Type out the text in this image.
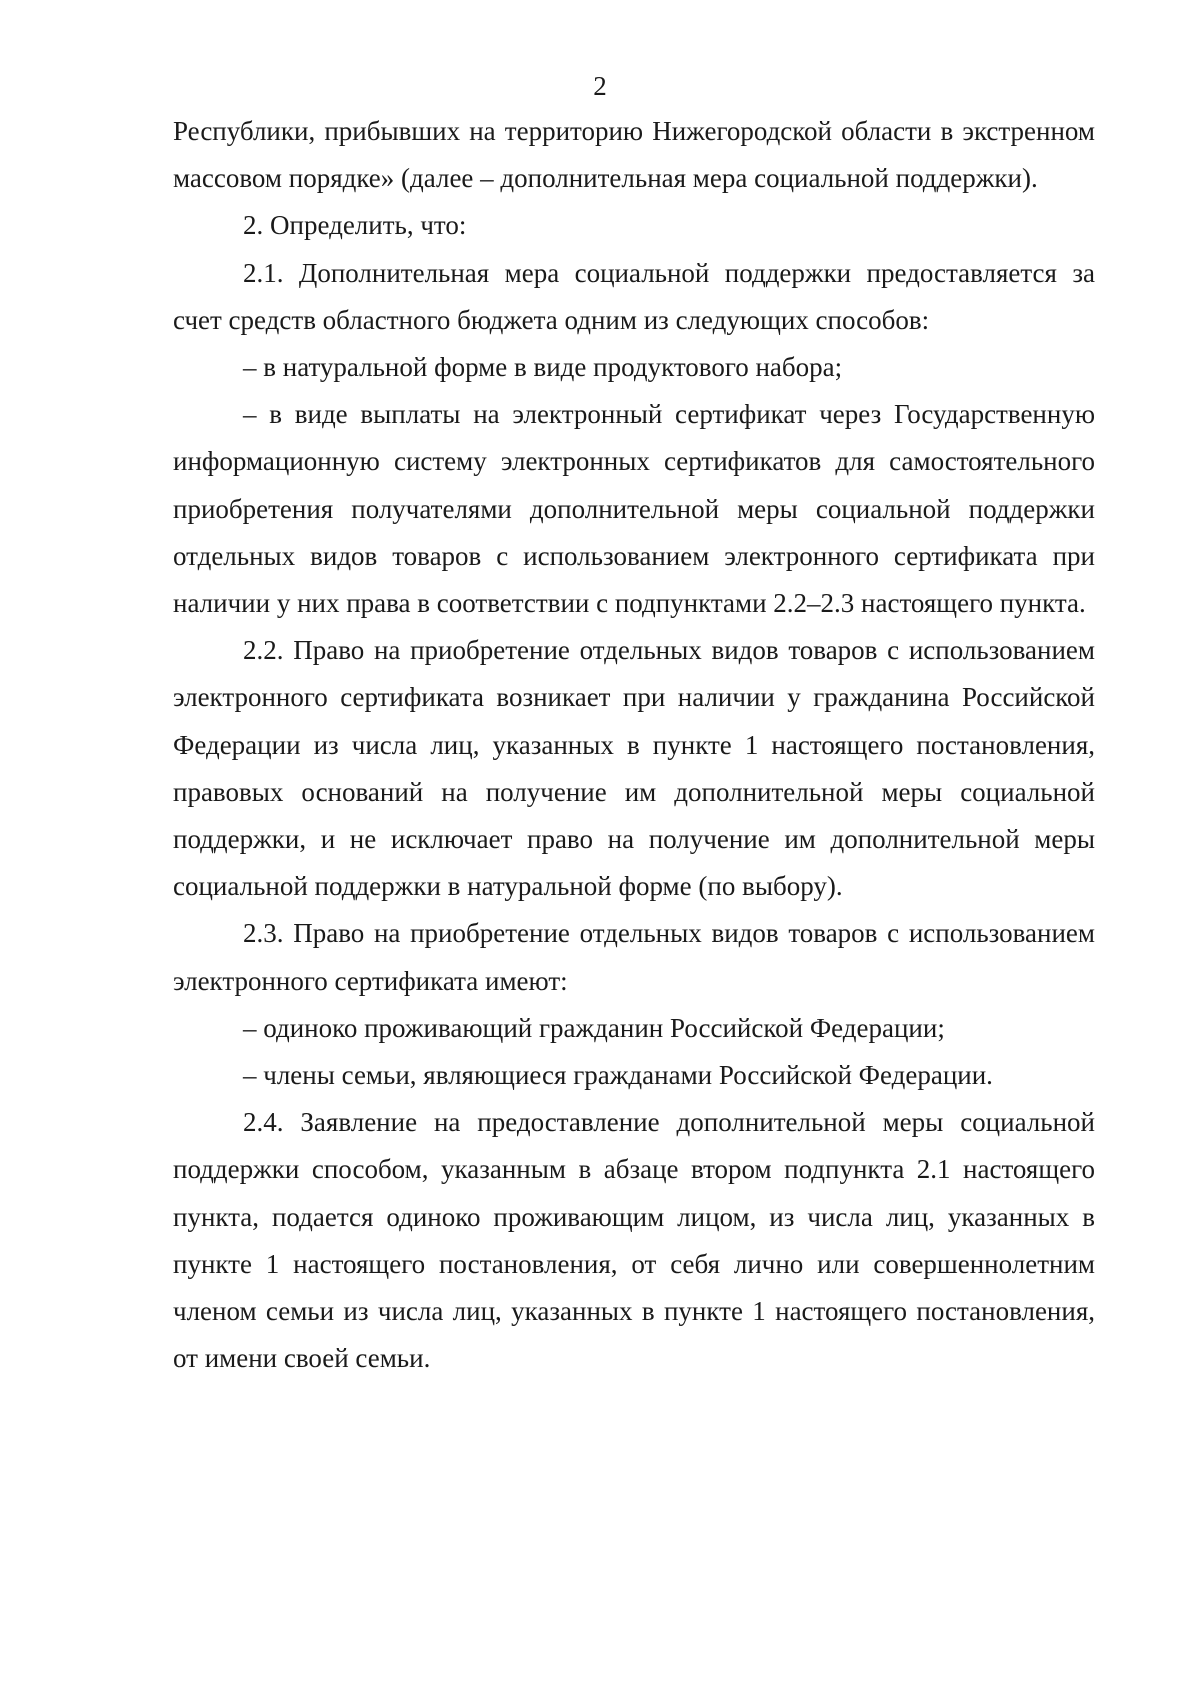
2

Республики, прибывших на территорию Нижегородской области в экстренном массовом порядке» (далее – дополнительная мера социальной поддержки).

2. Определить, что:

2.1. Дополнительная мера социальной поддержки предоставляется за счет средств областного бюджета одним из следующих способов:

– в натуральной форме в виде продуктового набора;

– в виде выплаты на электронный сертификат через Государственную информационную систему электронных сертификатов для самостоятельного приобретения получателями дополнительной меры социальной поддержки отдельных видов товаров с использованием электронного сертификата при наличии у них права в соответствии с подпунктами 2.2–2.3 настоящего пункта.

2.2. Право на приобретение отдельных видов товаров с использованием электронного сертификата возникает при наличии у гражданина Российской Федерации из числа лиц, указанных в пункте 1 настоящего постановления, правовых оснований на получение им дополнительной меры социальной поддержки, и не исключает право на получение им дополнительной меры социальной поддержки в натуральной форме (по выбору).

2.3. Право на приобретение отдельных видов товаров с использованием электронного сертификата имеют:

– одиноко проживающий гражданин Российской Федерации;

– члены семьи, являющиеся гражданами Российской Федерации.

2.4. Заявление на предоставление дополнительной меры социальной поддержки способом, указанным в абзаце втором подпункта 2.1 настоящего пункта, подается одиноко проживающим лицом, из числа лиц, указанных в пункте 1 настоящего постановления, от себя лично или совершеннолетним членом семьи из числа лиц, указанных в пункте 1 настоящего постановления, от имени своей семьи.
